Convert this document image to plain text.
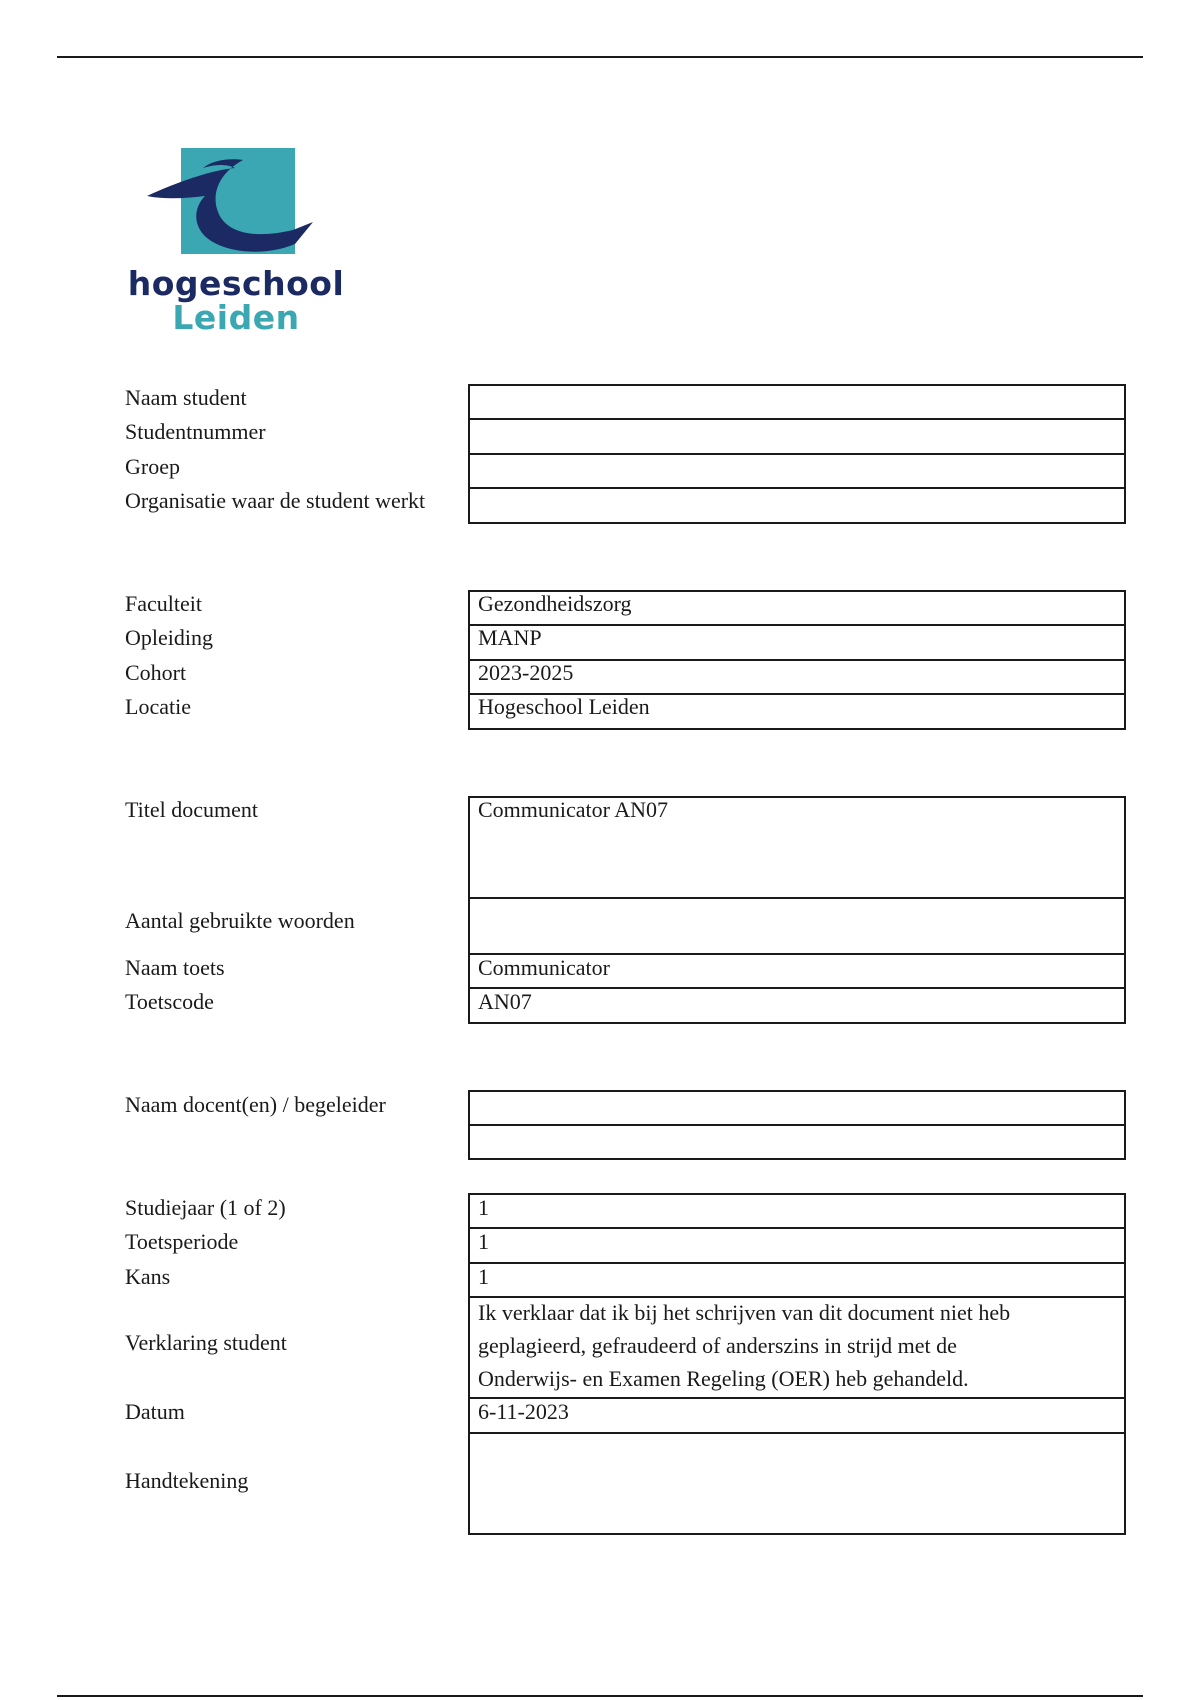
hogeschool
Leiden
Naam student
Studentnummer
Groep
Organisatie waar de student werkt
Faculteit
Opleiding
Cohort
Locatie
Gezondheidszorg
MANP
2023-2025
Hogeschool Leiden
Titel document
Aantal gebruikte woorden
Naam toets
Toetscode
Communicator AN07
Communicator
AN07
Naam docent(en) / begeleider
Studiejaar (1 of 2)
Toetsperiode
Kans
Verklaring student
Datum
Handtekening
1
1
1
Ik verklaar dat ik bij het schrijven van dit document niet heb
geplagieerd, gefraudeerd of anderszins in strijd met de
Onderwijs- en Examen Regeling (OER) heb gehandeld.
6-11-2023
